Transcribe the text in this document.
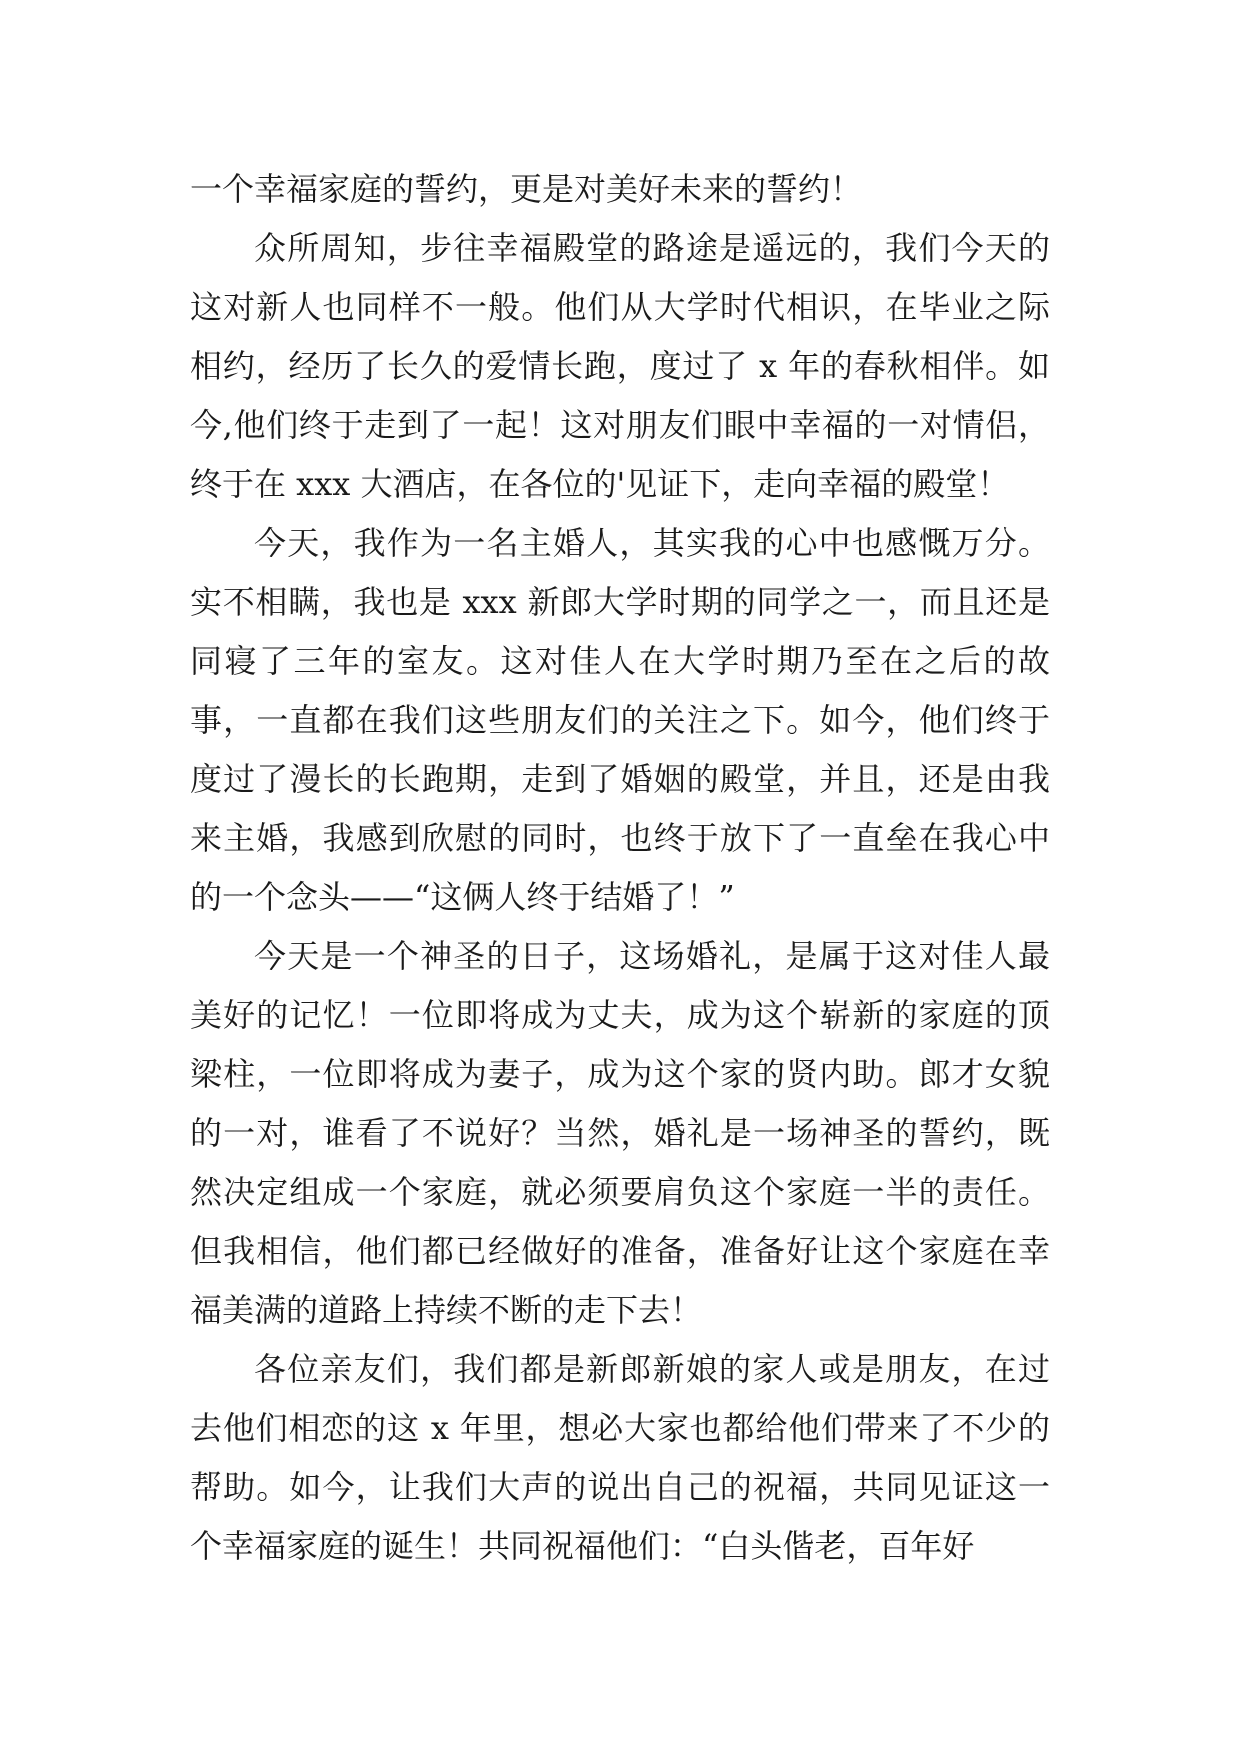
一个幸福家庭的誓约，更是对美好未来的誓约！

众所周知，步往幸福殿堂的路途是遥远的，我们今天的这对新人也同样不一般。他们从大学时代相识，在毕业之际相约，经历了长久的爱情长跑，度过了 x 年的春秋相伴。如今,他们终于走到了一起！这对朋友们眼中幸福的一对情侣，终于在 xxx 大酒店，在各位的'见证下，走向幸福的殿堂！

今天，我作为一名主婚人，其实我的心中也感慨万分。实不相瞒，我也是 xxx 新郎大学时期的同学之一，而且还是同寝了三年的室友。这对佳人在大学时期乃至在之后的故事，一直都在我们这些朋友们的关注之下。如今，他们终于度过了漫长的长跑期，走到了婚姻的殿堂，并且，还是由我来主婚，我感到欣慰的同时，也终于放下了一直垒在我心中的一个念头——“这俩人终于结婚了！”

今天是一个神圣的日子，这场婚礼，是属于这对佳人最美好的记忆！一位即将成为丈夫，成为这个崭新的家庭的顶梁柱，一位即将成为妻子，成为这个家的贤内助。郎才女貌的一对，谁看了不说好？当然，婚礼是一场神圣的誓约，既然决定组成一个家庭，就必须要肩负这个家庭一半的责任。但我相信，他们都已经做好的准备，准备好让这个家庭在幸福美满的道路上持续不断的走下去！

各位亲友们，我们都是新郎新娘的家人或是朋友，在过去他们相恋的这 x 年里，想必大家也都给他们带来了不少的帮助。如今，让我们大声的说出自己的祝福，共同见证这一个幸福家庭的诞生！共同祝福他们：“白头偕老，百年好
